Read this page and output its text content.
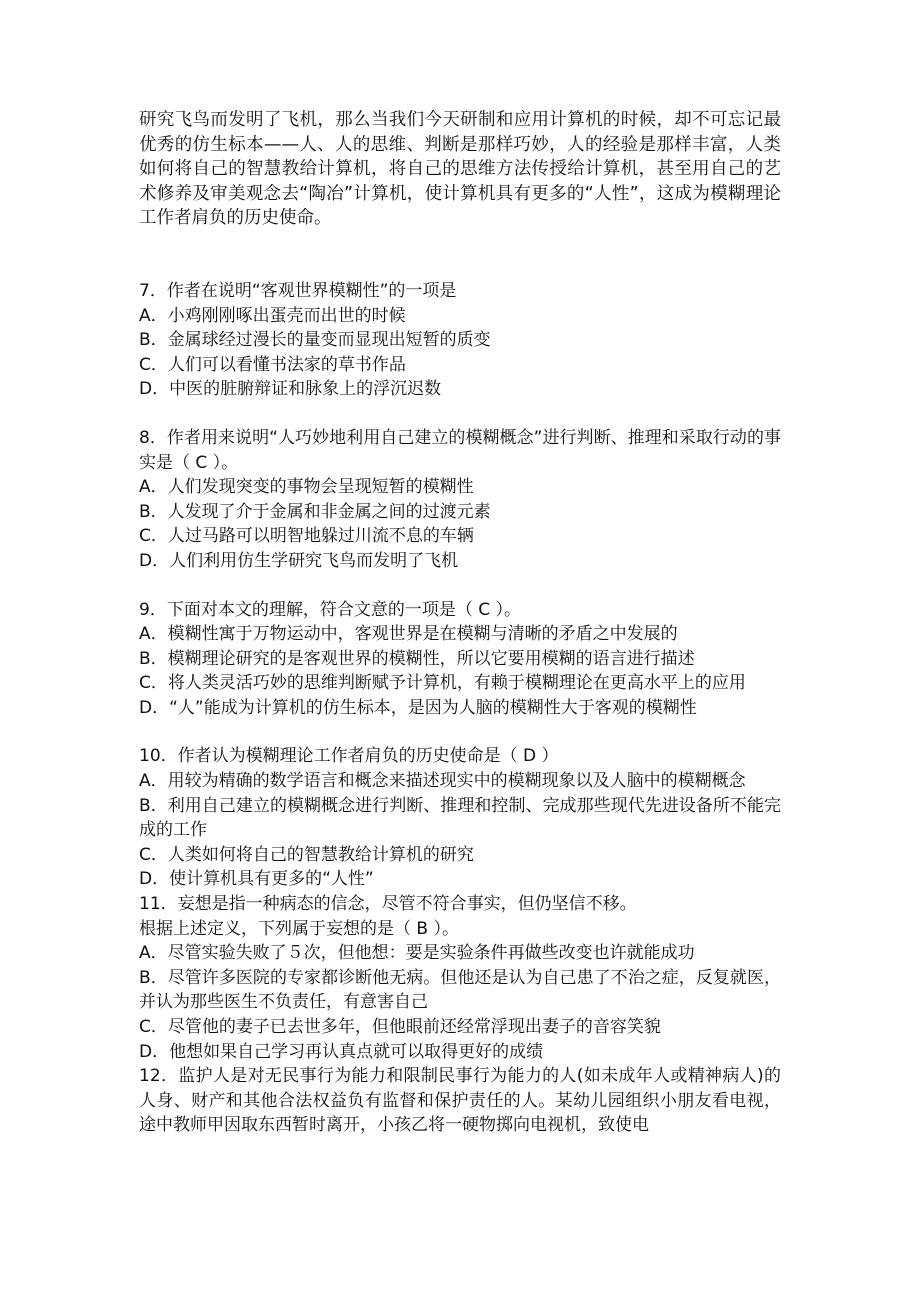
研究飞鸟而发明了飞机，那么当我们今天研制和应用计算机的时候，却不可忘记最优秀的仿生标本——人、人的思维、判断是那样巧妙，人的经验是那样丰富，人类如何将自己的智慧教给计算机，将自己的思维方法传授给计算机，甚至用自己的艺术修养及审美观念去“陶冶”计算机，使计算机具有更多的“人性”，这成为模糊理论工作者肩负的历史使命。

7．作者在说明“客观世界模糊性”的一项是

A．小鸡刚刚啄出蛋壳而出世的时候

B．金属球经过漫长的量变而显现出短暂的质变

C．人们可以看懂书法家的草书作品

D．中医的脏腑辩证和脉象上的浮沉迟数

8．作者用来说明“人巧妙地利用自己建立的模糊概念”进行判断、推理和采取行动的事实是（ C ）。

A．人们发现突变的事物会呈现短暂的模糊性

B．人发现了介于金属和非金属之间的过渡元素

C．人过马路可以明智地躲过川流不息的车辆

D．人们利用仿生学研究飞鸟而发明了飞机

9．下面对本文的理解，符合文意的一项是（ C ）。

A．模糊性寓于万物运动中，客观世界是在模糊与清晰的矛盾之中发展的

B．模糊理论研究的是客观世界的模糊性，所以它要用模糊的语言进行描述

C．将人类灵活巧妙的思维判断赋予计算机，有赖于模糊理论在更高水平上的应用

D．“人”能成为计算机的仿生标本，是因为人脑的模糊性大于客观的模糊性

10．作者认为模糊理论工作者肩负的历史使命是（ D ）

A．用较为精确的数学语言和概念来描述现实中的模糊现象以及人脑中的模糊概念

B．利用自己建立的模糊概念进行判断、推理和控制、完成那些现代先进设备所不能完成的工作

C．人类如何将自己的智慧教给计算机的研究

D．使计算机具有更多的“人性”

11．妄想是指一种病态的信念，尽管不符合事实，但仍坚信不移。

根据上述定义，下列属于妄想的是（ B ）。

A．尽管实验失败了５次，但他想：要是实验条件再做些改变也许就能成功

B．尽管许多医院的专家都诊断他无病。但他还是认为自己患了不治之症，反复就医，并认为那些医生不负责任，有意害自己

C．尽管他的妻子已去世多年，但他眼前还经常浮现出妻子的音容笑貌

D．他想如果自己学习再认真点就可以取得更好的成绩

12．监护人是对无民事行为能力和限制民事行为能力的人(如未成年人或精神病人)的人身、财产和其他合法权益负有监督和保护责任的人。某幼儿园组织小朋友看电视，途中教师甲因取东西暂时离开，小孩乙将一硬物掷向电视机，致使电
